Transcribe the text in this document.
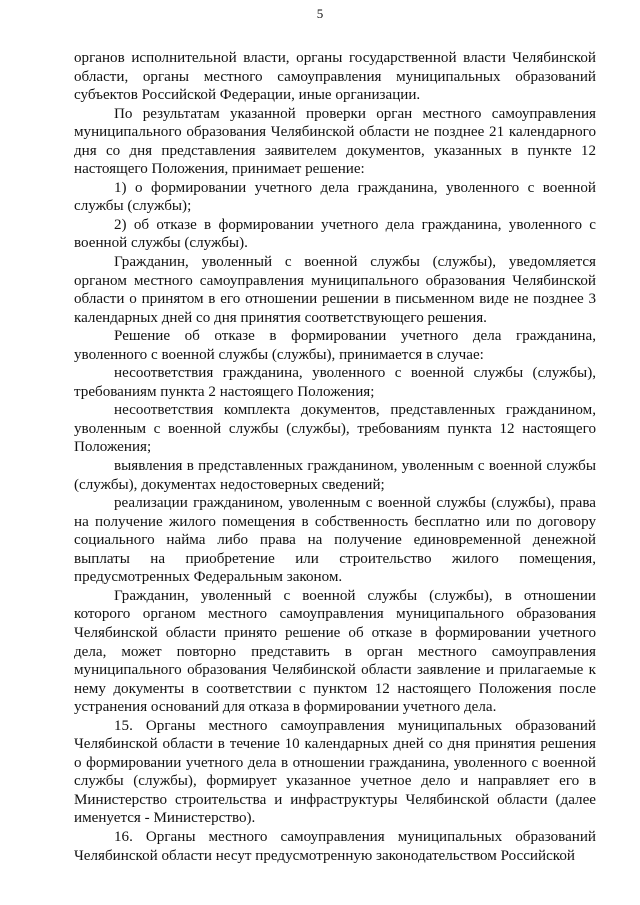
5

органов исполнительной власти, органы государственной власти Челябинской области, органы местного самоуправления муниципальных образований субъектов Российской Федерации, иные организации.

По результатам указанной проверки орган местного самоуправления муниципального образования Челябинской области не позднее 21 календарного дня со дня представления заявителем документов, указанных в пункте 12 настоящего Положения, принимает решение:

1) о формировании учетного дела гражданина, уволенного с военной службы (службы);

2) об отказе в формировании учетного дела гражданина, уволенного с военной службы (службы).

Гражданин, уволенный с военной службы (службы), уведомляется органом местного самоуправления муниципального образования Челябинской области о принятом в его отношении решении в письменном виде не позднее 3 календарных дней со дня принятия соответствующего решения.

Решение об отказе в формировании учетного дела гражданина, уволенного с военной службы (службы), принимается в случае:

несоответствия гражданина, уволенного с военной службы (службы), требованиям пункта 2 настоящего Положения;

несоответствия комплекта документов, представленных гражданином, уволенным с военной службы (службы), требованиям пункта 12 настоящего Положения;

выявления в представленных гражданином, уволенным с военной службы (службы), документах недостоверных сведений;

реализации гражданином, уволенным с военной службы (службы), права на получение жилого помещения в собственность бесплатно или по договору социального найма либо права на получение единовременной денежной выплаты на приобретение или строительство жилого помещения, предусмотренных Федеральным законом.

Гражданин, уволенный с военной службы (службы), в отношении которого органом местного самоуправления муниципального образования Челябинской области принято решение об отказе в формировании учетного дела, может повторно представить в орган местного самоуправления муниципального образования Челябинской области заявление и прилагаемые к нему документы в соответствии с пунктом 12 настоящего Положения после устранения оснований для отказа в формировании учетного дела.

15. Органы местного самоуправления муниципальных образований Челябинской области в течение 10 календарных дней со дня принятия решения о формировании учетного дела в отношении гражданина, уволенного с военной службы (службы), формирует указанное учетное дело и направляет его в Министерство строительства и инфраструктуры Челябинской области (далее именуется - Министерство).

16. Органы местного самоуправления муниципальных образований Челябинской области несут предусмотренную законодательством Российской
